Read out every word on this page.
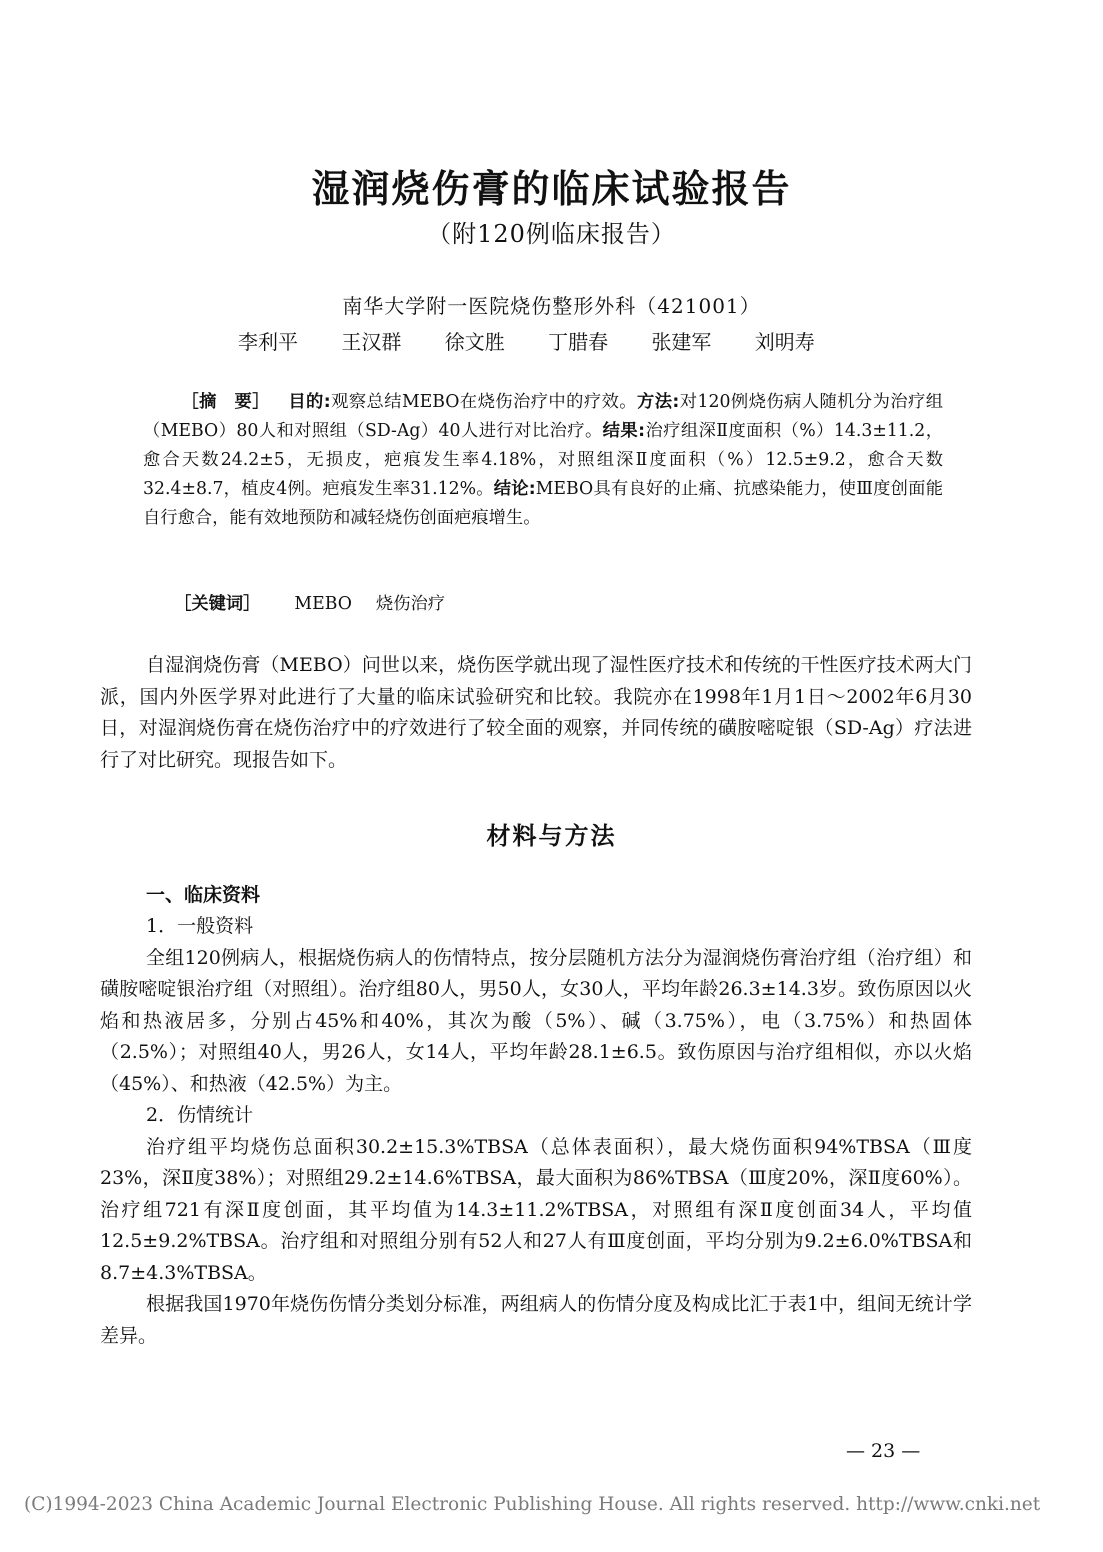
湿润烧伤膏的临床试验报告
（附120例临床报告）
南华大学附一医院烧伤整形外科（421001）
李利平 王汉群 徐文胜 丁腊春 张建军 刘明寿
［摘　要］ 目的:观察总结MEBO在烧伤治疗中的疗效。方法:对120例烧伤病人随机分为治疗组（MEBO）80人和对照组（SD-Ag）40人进行对比治疗。结果:治疗组深Ⅱ度面积（%）14.3±11.2，愈合天数24.2±5，无损皮，疤痕发生率4.18%，对照组深Ⅱ度面积（%）12.5±9.2，愈合天数32.4±8.7，植皮4例。疤痕发生率31.12%。结论:MEBO具有良好的止痛、抗感染能力，使Ⅲ度创面能自行愈合，能有效地预防和减轻烧伤创面疤痕增生。
［关键词］ MEBO 烧伤治疗

自湿润烧伤膏（MEBO）问世以来，烧伤医学就出现了湿性医疗技术和传统的干性医疗技术两大门派，国内外医学界对此进行了大量的临床试验研究和比较。我院亦在1998年1月1日～2002年6月30日，对湿润烧伤膏在烧伤治疗中的疗效进行了较全面的观察，并同传统的磺胺嘧啶银（SD-Ag）疗法进行了对比研究。现报告如下。

材料与方法
一、临床资料

1．一般资料

全组120例病人，根据烧伤病人的伤情特点，按分层随机方法分为湿润烧伤膏治疗组（治疗组）和磺胺嘧啶银治疗组（对照组）。治疗组80人，男50人，女30人，平均年龄26.3±14.3岁。致伤原因以火焰和热液居多，分别占45%和40%，其次为酸（5%）、碱（3.75%），电（3.75%）和热固体（2.5%）；对照组40人，男26人，女14人，平均年龄28.1±6.5。致伤原因与治疗组相似，亦以火焰（45%）、和热液（42.5%）为主。

2．伤情统计

治疗组平均烧伤总面积30.2±15.3%TBSA（总体表面积），最大烧伤面积94%TBSA（Ⅲ度23%，深Ⅱ度38%）；对照组29.2±14.6%TBSA，最大面积为86%TBSA（Ⅲ度20%，深Ⅱ度60%）。治疗组721有深Ⅱ度创面，其平均值为14.3±11.2%TBSA，对照组有深Ⅱ度创面34人，平均值12.5±9.2%TBSA。治疗组和对照组分别有52人和27人有Ⅲ度创面，平均分别为9.2±6.0%TBSA和8.7±4.3%TBSA。

根据我国1970年烧伤伤情分类划分标准，两组病人的伤情分度及构成比汇于表1中，组间无统计学差异。

— 23 —
(C)1994-2023 China Academic Journal Electronic Publishing House. All rights reserved. http://www.cnki.net
